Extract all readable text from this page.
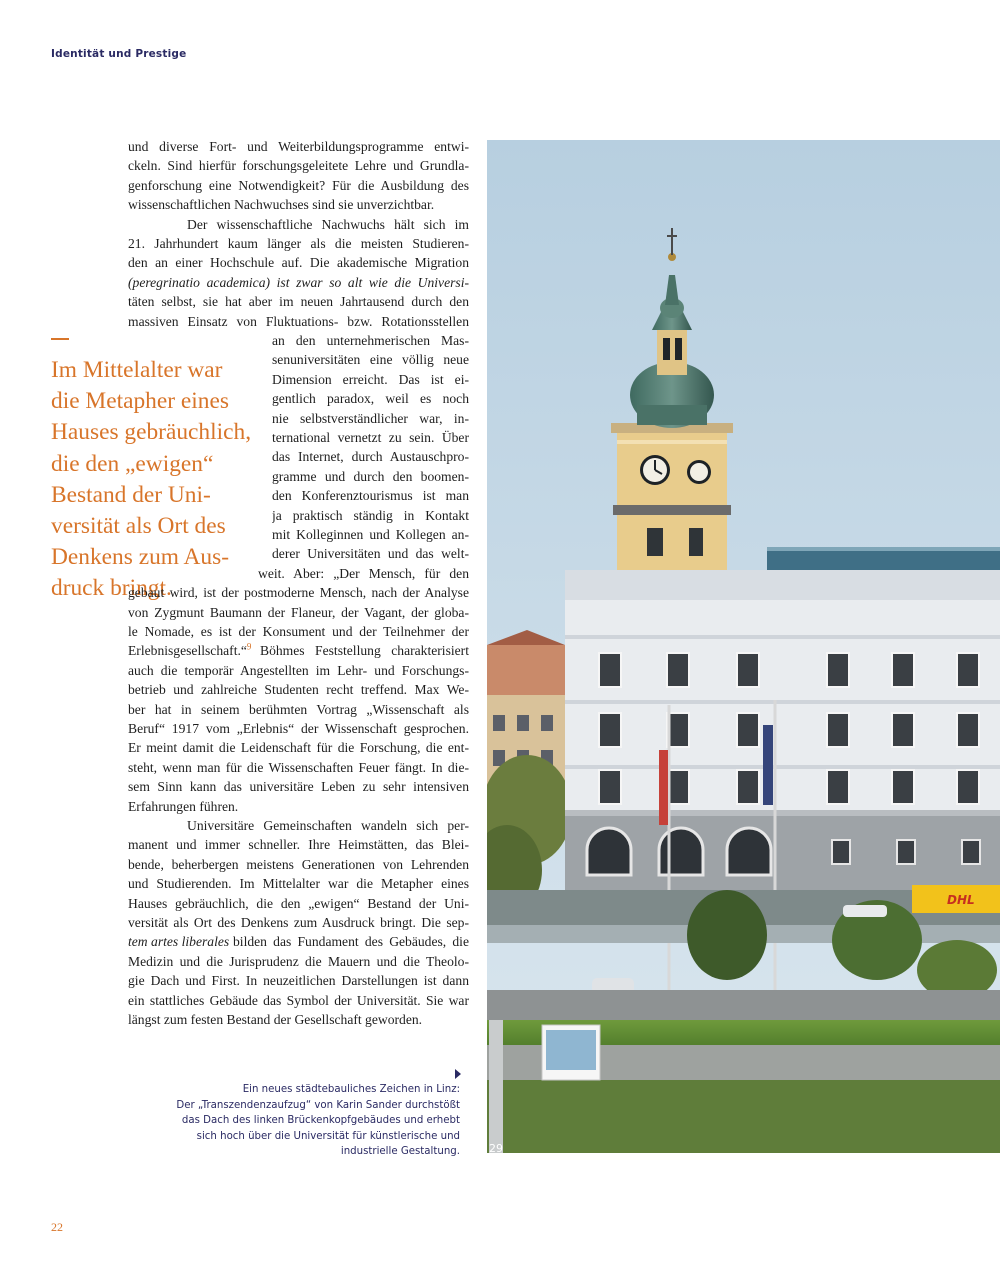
Identität und Prestige
Im Mittelalter war
die Metapher eines
Hauses gebräuchlich,
die den „ewigen“
Bestand der Uni-
versität als Ort des
Denkens zum Aus-
druck bringt.
und diverse Fort- und Weiterbildungsprogramme entwi-
ckeln. Sind hierfür forschungsgeleitete Lehre und Grundla-
genforschung eine Notwendigkeit? Für die Ausbildung des
wissenschaftlichen Nachwuchses sind sie unverzichtbar.
Der wissenschaftliche Nachwuchs hält sich im
21. Jahrhundert kaum länger als die meisten Studieren-
den an einer Hochschule auf. Die akademische Migration
(peregrinatio academica) ist zwar so alt wie die Universi-
täten selbst, sie hat aber im neuen Jahrtausend durch den
massiven Einsatz von Fluktuations- bzw. Rotationsstellen
an den unternehmerischen Mas-
senuniversitäten eine völlig neue
Dimension erreicht. Das ist ei-
gentlich paradox, weil es noch
nie selbstverständlicher war, in-
ternational vernetzt zu sein. Über
das Internet, durch Austauschpro-
gramme und durch den boomen-
den Konferenztourismus ist man
ja praktisch ständig in Kontakt
mit Kolleginnen und Kollegen an-
derer Universitäten und das welt-
weit. Aber: „Der Mensch, für den
gebaut wird, ist der postmoderne Mensch, nach der Analyse
von Zygmunt Baumann der Flaneur, der Vagant, der globa-
le Nomade, es ist der Konsument und der Teilnehmer der
Erlebnisgesellschaft.“$^9$ Böhmes Feststellung charakterisiert
auch die temporär Angestellten im Lehr- und Forschungs-
betrieb und zahlreiche Studenten recht treffend. Max We-
ber hat in seinem berühmten Vortrag „Wissenschaft als
Beruf“ 1917 vom „Erlebnis“ der Wissenschaft gesprochen.
Er meint damit die Leidenschaft für die Forschung, die ent-
steht, wenn man für die Wissenschaften Feuer fängt. In die-
sem Sinn kann das universitäre Leben zu sehr intensiven
Erfahrungen führen.
Universitäre Gemeinschaften wandeln sich per-
manent und immer schneller. Ihre Heimstätten, das Blei-
bende, beherbergen meistens Generationen von Lehrenden
und Studierenden. Im Mittelalter war die Metapher eines
Hauses gebräuchlich, die den „ewigen“ Bestand der Uni-
versität als Ort des Denkens zum Ausdruck bringt. Die sep-
tem artes liberales bilden das Fundament des Gebäudes, die
Medizin und die Jurisprudenz die Mauern und die Theolo-
gie Dach und First. In neuzeitlichen Darstellungen ist dann
ein stattliches Gebäude das Symbol der Universität. Sie war
längst zum festen Bestand der Gesellschaft geworden.
Ein neues städtebauliches Zeichen in Linz:
Der „Transzendenzaufzug“ von Karin Sander durchstößt
das Dach des linken Brückenkopfgebäudes und erhebt
sich hoch über die Universität für künstlerische und
industrielle Gestaltung.
22
DHL
29
